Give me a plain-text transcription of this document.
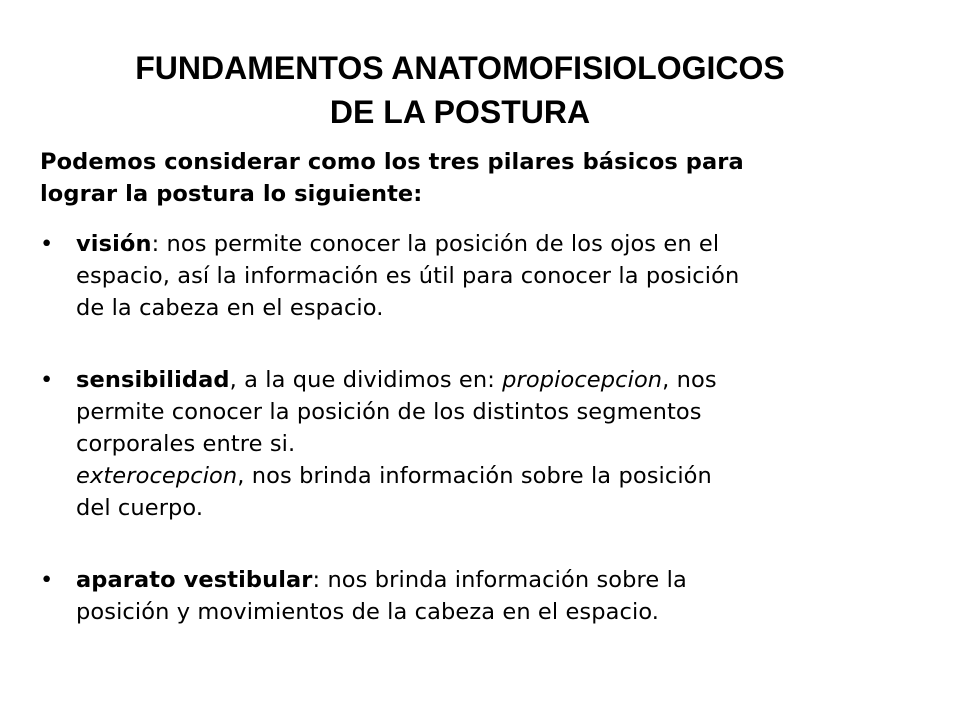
FUNDAMENTOS ANATOMOFISIOLOGICOS
DE LA POSTURA

Podemos considerar como los tres pilares básicos para
lograr la postura lo siguiente:

• visión: nos permite conocer la posición de los ojos en el
espacio, así la información es útil para conocer la posición
de la cabeza en el espacio.
• sensibilidad, a la que dividimos en: propiocepcion, nos
permite conocer la posición de los distintos segmentos
corporales entre si.
exterocepcion, nos brinda información sobre la posición
del cuerpo.
• aparato vestibular: nos brinda información sobre la
posición y movimientos de la cabeza en el espacio.
